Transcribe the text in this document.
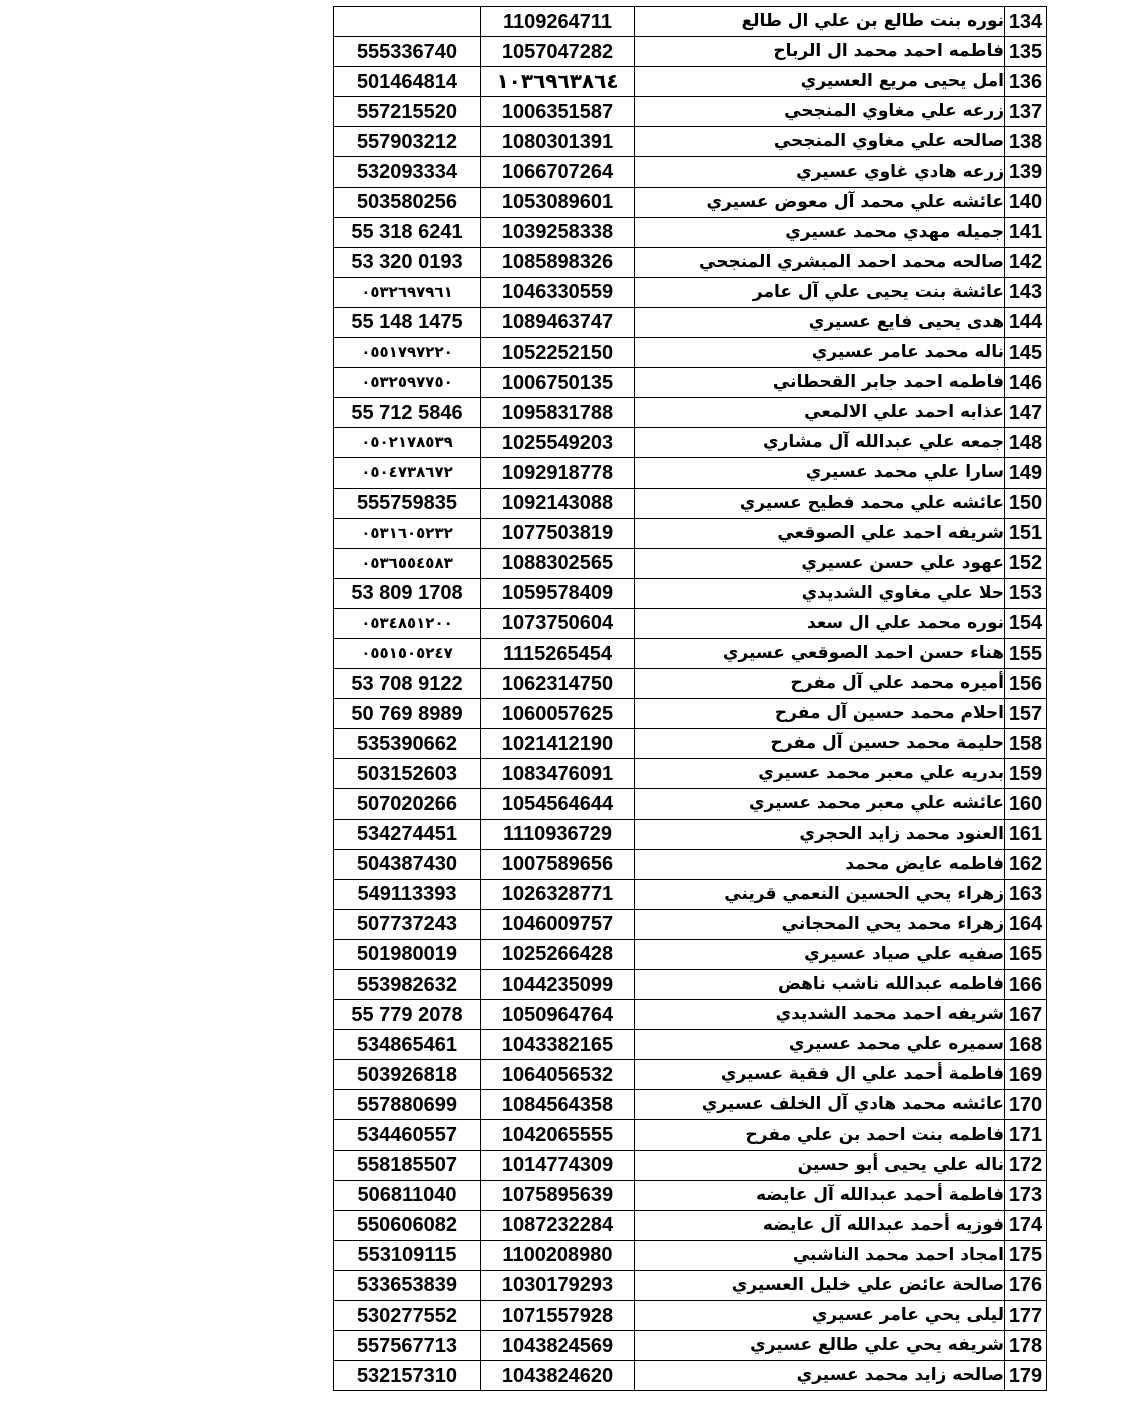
	1109264711	نوره بنت طالع بن علي ال طالع	134
555336740	1057047282	فاطمه احمد محمد ال الرباح	135
501464814	١٠٣٦٩٦٣٨٦٤	امل يحيى مريع العسيري	136
557215520	1006351587	زرعه علي مغاوي المنجحي	137
557903212	1080301391	صالحه علي مغاوي المنجحي	138
532093334	1066707264	زرعه هادي غاوي عسيري	139
503580256	1053089601	عائشه علي محمد آل معوض عسيري	140
55 318 6241	1039258338	جميله مهدي محمد عسيري	141
53 320 0193	1085898326	صالحه محمد احمد المبشري المنجحي	142
٠٥٣٢٦٩٧٩٦١	1046330559	عائشة بنت يحيى علي آل عامر	143
55 148 1475	1089463747	هدى يحيى فايع عسيري	144
٠٥٥١٧٩٧٢٢٠	1052252150	ناله محمد عامر عسيري	145
٠٥٣٢٥٩٧٧٥٠	1006750135	فاطمه احمد جابر القحطاني	146
55 712 5846	1095831788	عذابه احمد علي الالمعي	147
٠٥٠٢١٧٨٥٣٩	1025549203	جمعه علي عبدالله آل مشاري	148
٠٥٠٤٧٣٨٦٧٢	1092918778	سارا علي محمد عسيري	149
555759835	1092143088	عائشه علي محمد فطيح عسيري	150
٠٥٣١٦٠٥٢٣٢	1077503819	شريفه احمد علي الصوقعي	151
٠٥٣٦٥٥٤٥٨٣	1088302565	عهود علي حسن عسيري	152
53 809 1708	1059578409	حلا علي مغاوي الشديدي	153
٠٥٣٤٨٥١٢٠٠	1073750604	نوره محمد علي ال سعد	154
٠٥٥١٥٠٥٢٤٧	1115265454	هناء حسن احمد الصوقعي عسيري	155
53 708 9122	1062314750	أميره محمد علي آل مفرح	156
50 769 8989	1060057625	احلام محمد حسين آل مفرح	157
535390662	1021412190	حليمة محمد حسين آل مفرح	158
503152603	1083476091	بدريه علي معبر محمد عسيري	159
507020266	1054564644	عائشه علي معبر محمد عسيري	160
534274451	1110936729	العنود محمد زايد الحجري	161
504387430	1007589656	فاطمه عايض محمد	162
549113393	1026328771	زهراء يحي الحسين النعمي قريني	163
507737243	1046009757	زهراء محمد يحي المحجاني	164
501980019	1025266428	صفيه علي صياد عسيري	165
553982632	1044235099	فاطمه عبدالله ناشب ناهض	166
55 779 2078	1050964764	شريفه احمد محمد الشديدي	167
534865461	1043382165	سميره علي محمد عسيري	168
503926818	1064056532	فاطمة أحمد علي ال فقية عسيري	169
557880699	1084564358	عائشه محمد هادي آل الخلف عسيري	170
534460557	1042065555	فاطمه بنت احمد بن علي مفرح	171
558185507	1014774309	ناله علي يحيى أبو حسين	172
506811040	1075895639	فاطمة أحمد عبدالله آل عايضه	173
550606082	1087232284	فوزيه أحمد عبدالله آل عايضه	174
553109115	1100208980	امجاد احمد محمد الناشبي	175
533653839	1030179293	صالحة عائض علي خليل العسيري	176
530277552	1071557928	ليلى يحي عامر عسيري	177
557567713	1043824569	شريفه يحي علي طالع عسيري	178
532157310	1043824620	صالحه زايد محمد عسيري	179
